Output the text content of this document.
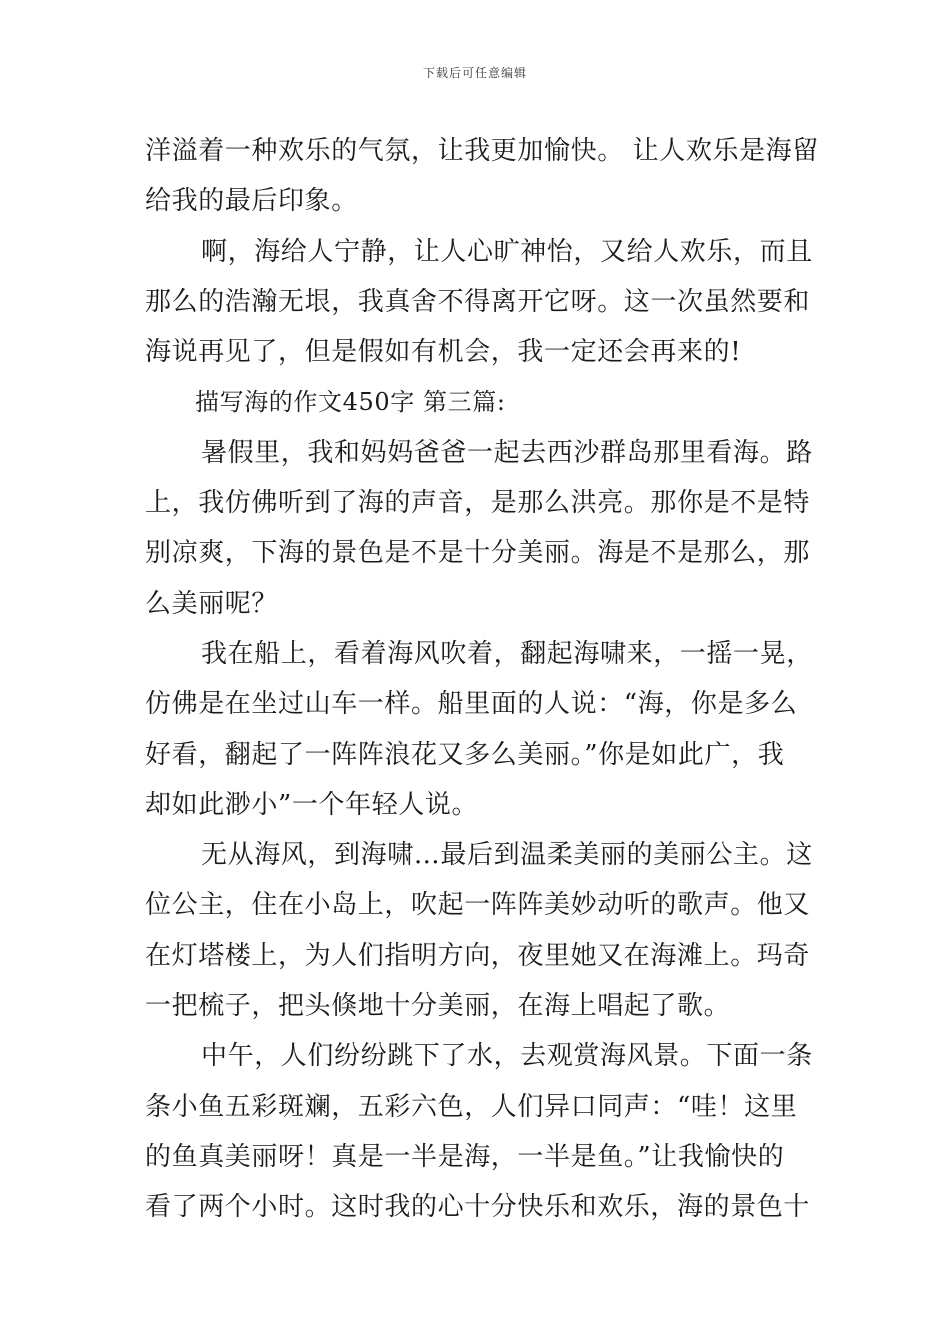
下载后可任意编辑
洋溢着一种欢乐的气氛，让我更加愉快。 让人欢乐是海留
给我的最后印象。
啊，海给人宁静，让人心旷神怡，又给人欢乐，而且
那么的浩瀚无垠，我真舍不得离开它呀。这一次虽然要和
海说再见了，但是假如有机会，我一定还会再来的!
描写海的作文450字 第三篇:
暑假里，我和妈妈爸爸一起去西沙群岛那里看海。路
上，我仿佛听到了海的声音，是那么洪亮。那你是不是特
别凉爽，下海的景色是不是十分美丽。海是不是那么，那
么美丽呢？
我在船上，看着海风吹着，翻起海啸来，一摇一晃，
仿佛是在坐过山车一样。船里面的人说：“海，你是多么
好看，翻起了一阵阵浪花又多么美丽。”你是如此广，我
却如此渺小”一个年轻人说。
无从海风，到海啸…最后到温柔美丽的美丽公主。这
位公主，住在小岛上，吹起一阵阵美妙动听的歌声。他又
在灯塔楼上，为人们指明方向，夜里她又在海滩上。玛奇
一把梳子，把头倏地十分美丽，在海上唱起了歌。
中午，人们纷纷跳下了水，去观赏海风景。下面一条
条小鱼五彩斑斓，五彩六色，人们异口同声：“哇！这里
的鱼真美丽呀！真是一半是海，一半是鱼。”让我愉快的
看了两个小时。这时我的心十分快乐和欢乐，海的景色十
